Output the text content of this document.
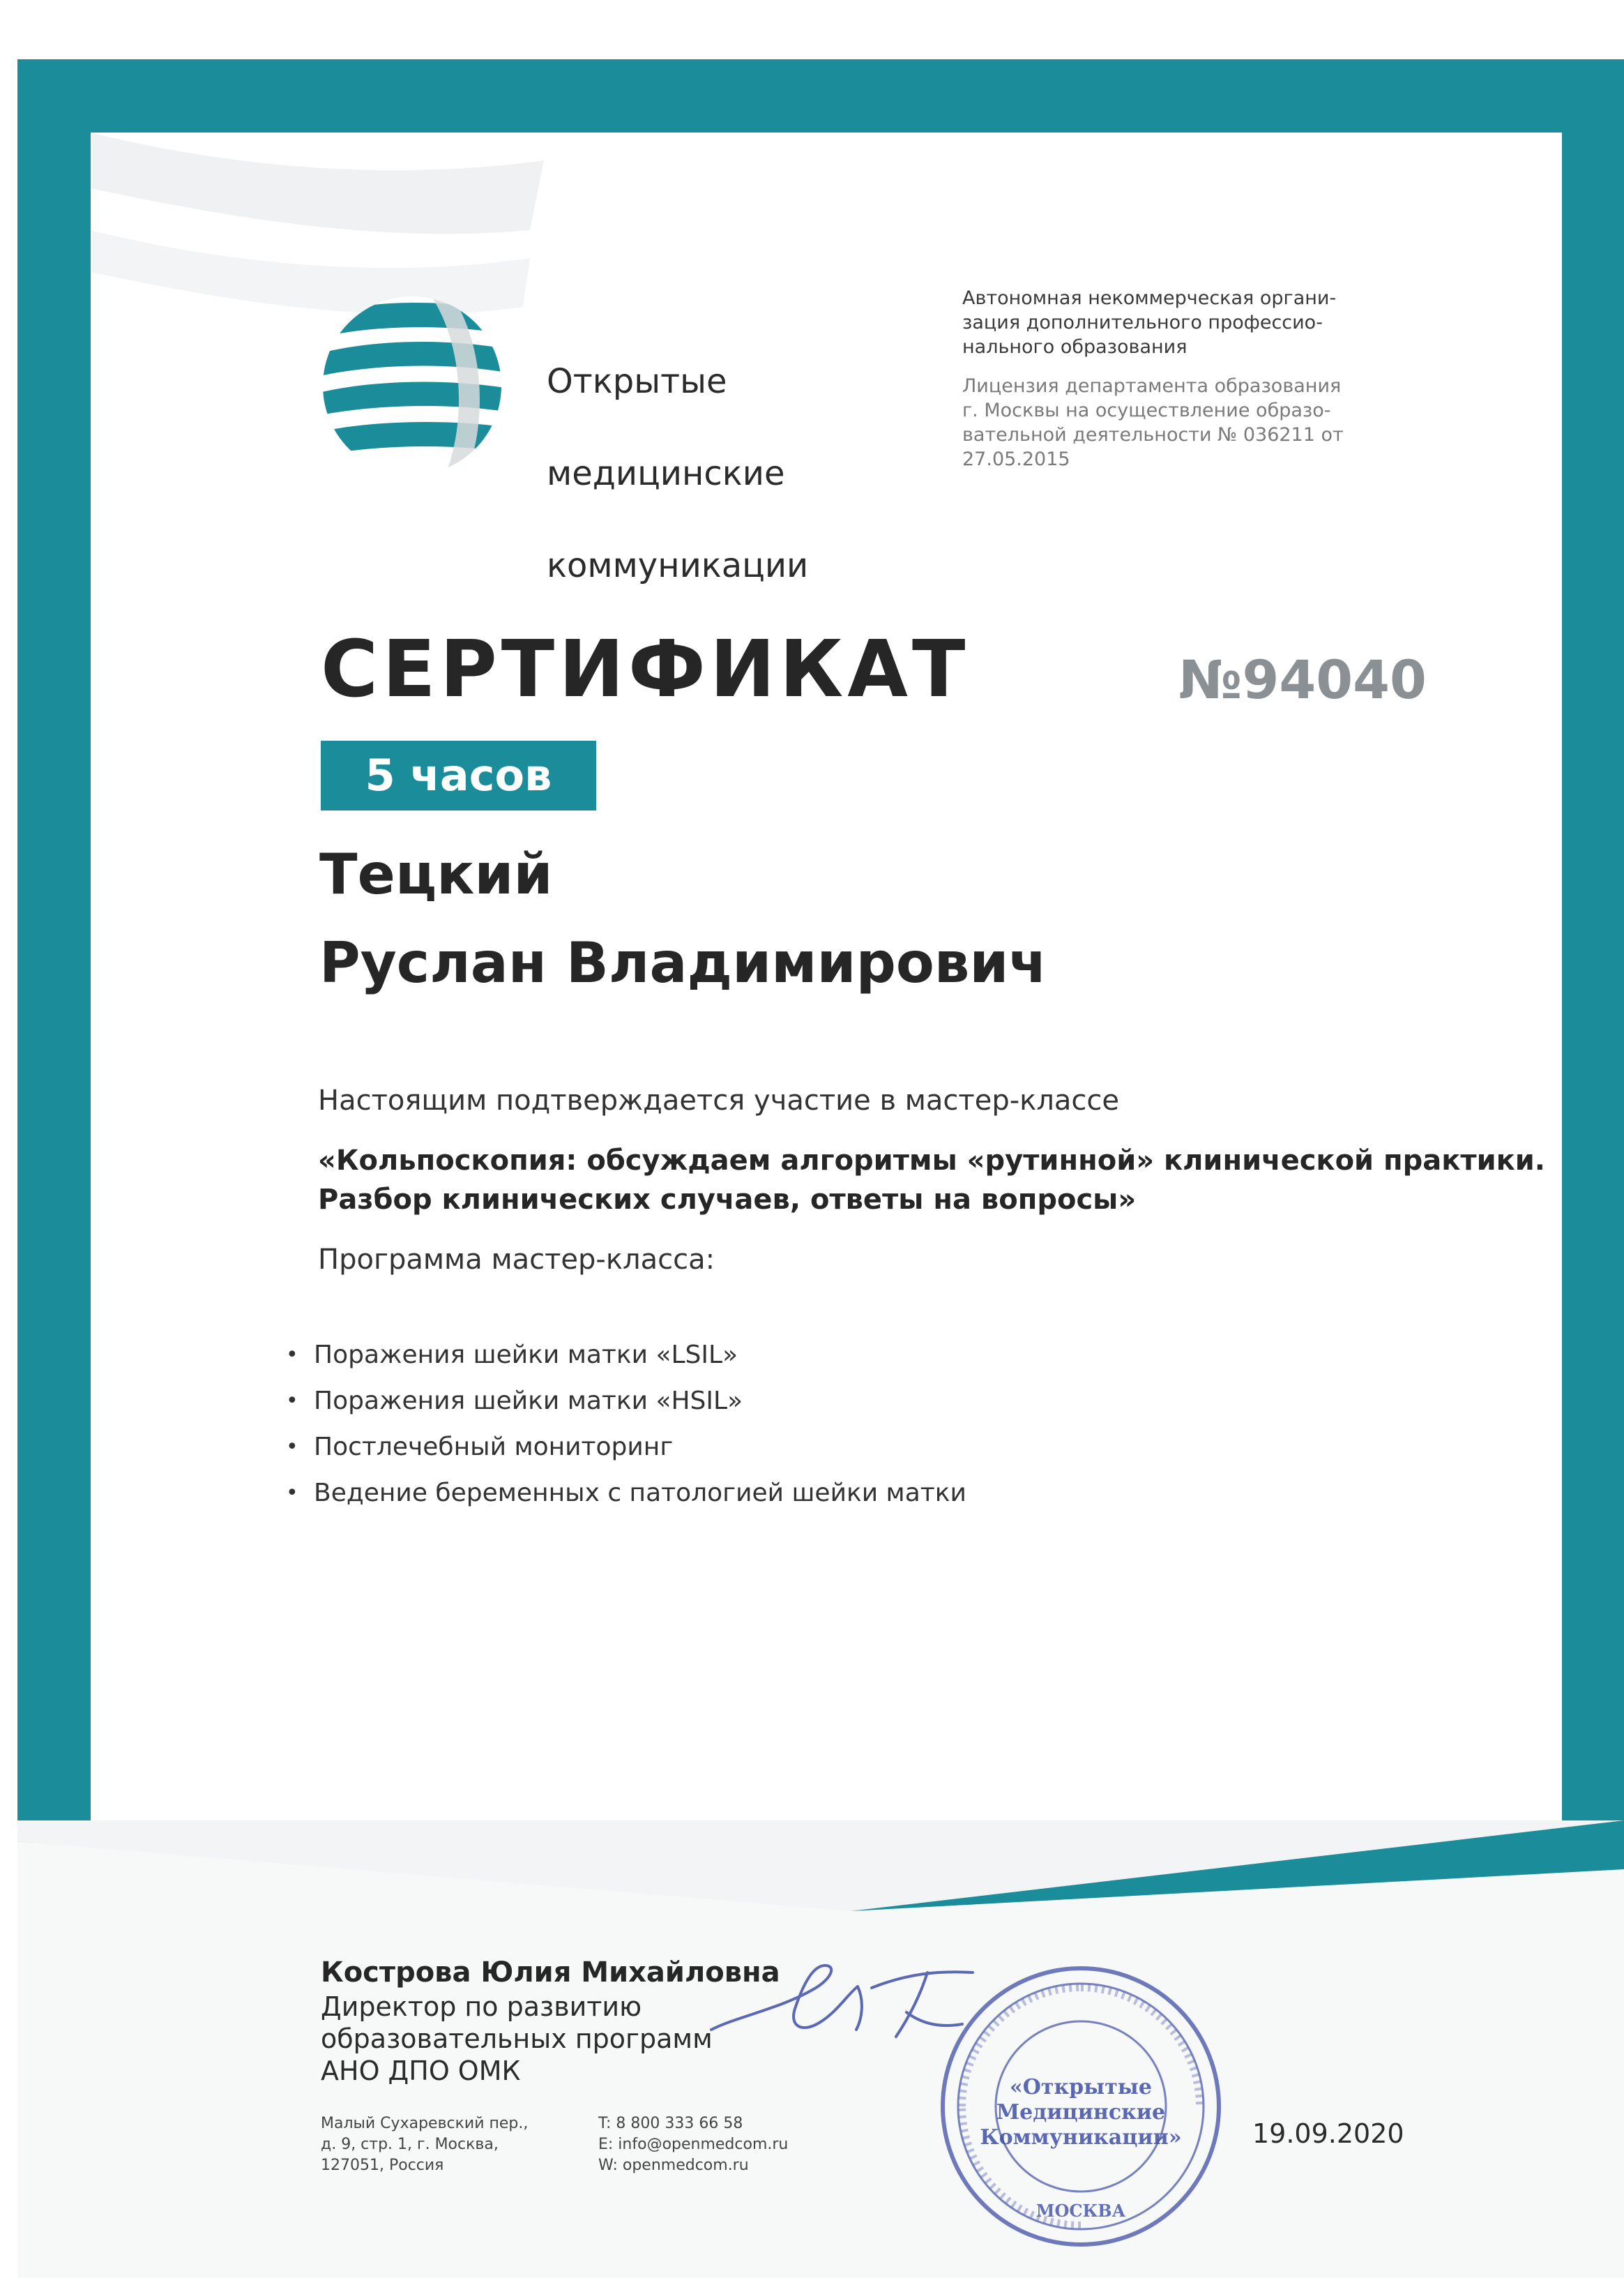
Открытые

медицинские

коммуникации

Автономная некоммерческая органи-
зация дополнительного профессио-
нального образования
Лицензия департамента образования
г. Москвы на осуществление образо-
вательной деятельности № 036211 от
27.05.2015
СЕРТИФИКАТ	№94040
5 часов
Тецкий
Руслан Владимирович
Настоящим подтверждается участие в мастер-классе
«Кольпоскопия: обсуждаем алгоритмы «рутинной» клинической практики.
Разбор клинических случаев, ответы на вопросы»
Программа мастер-класса:
• Поражения шейки матки «LSIL»
• Поражения шейки матки «HSIL»
• Постлечебный мониторинг
• Ведение беременных с патологией шейки матки
Кострова Юлия Михайловна
Директор по развитию
образовательных программ
АНО ДПО ОМК
Малый Сухаревский пер.,
д. 9, стр. 1, г. Москва,
127051, Россия
T: 8 800 333 66 58
E: info@openmedcom.ru
W: openmedcom.ru
«Открытые
Медицинские
Коммуникации»
МОСКВА
19.09.2020
